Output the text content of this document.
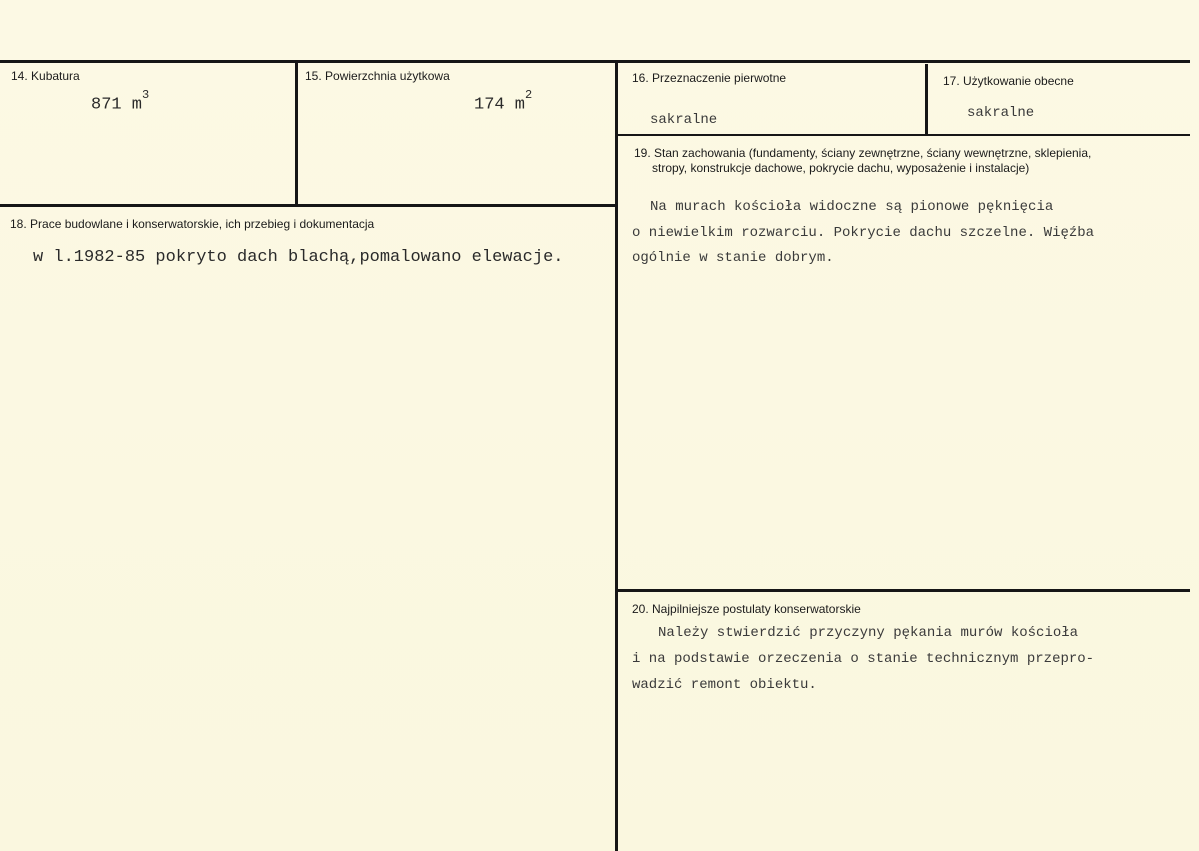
14. Kubatura
871 $m^3$
15. Powierzchnia użytkowa
174 $m^2$
16. Przeznaczenie pierwotne
sakralne
17. Użytkowanie obecne
sakralne
18. Prace budowlane i konserwatorskie, ich przebieg i dokumentacja
w l.1982-85 pokryto dach blachą,pomalowano elewacje.
19. Stan zachowania (fundamenty, ściany zewnętrzne, ściany wewnętrzne, sklepienia,
stropy, konstrukcje dachowe, pokrycie dachu, wyposażenie i instalacje)
Na murach kościoła widoczne są pionowe pęknięcia
o niewielkim rozwarciu. Pokrycie dachu szczelne. Więźba
ogólnie w stanie dobrym.
20. Najpilniejsze postulaty konserwatorskie
Należy stwierdzić przyczyny pękania murów kościoła
i na podstawie orzeczenia o stanie technicznym przepro-
wadzić remont obiektu.
